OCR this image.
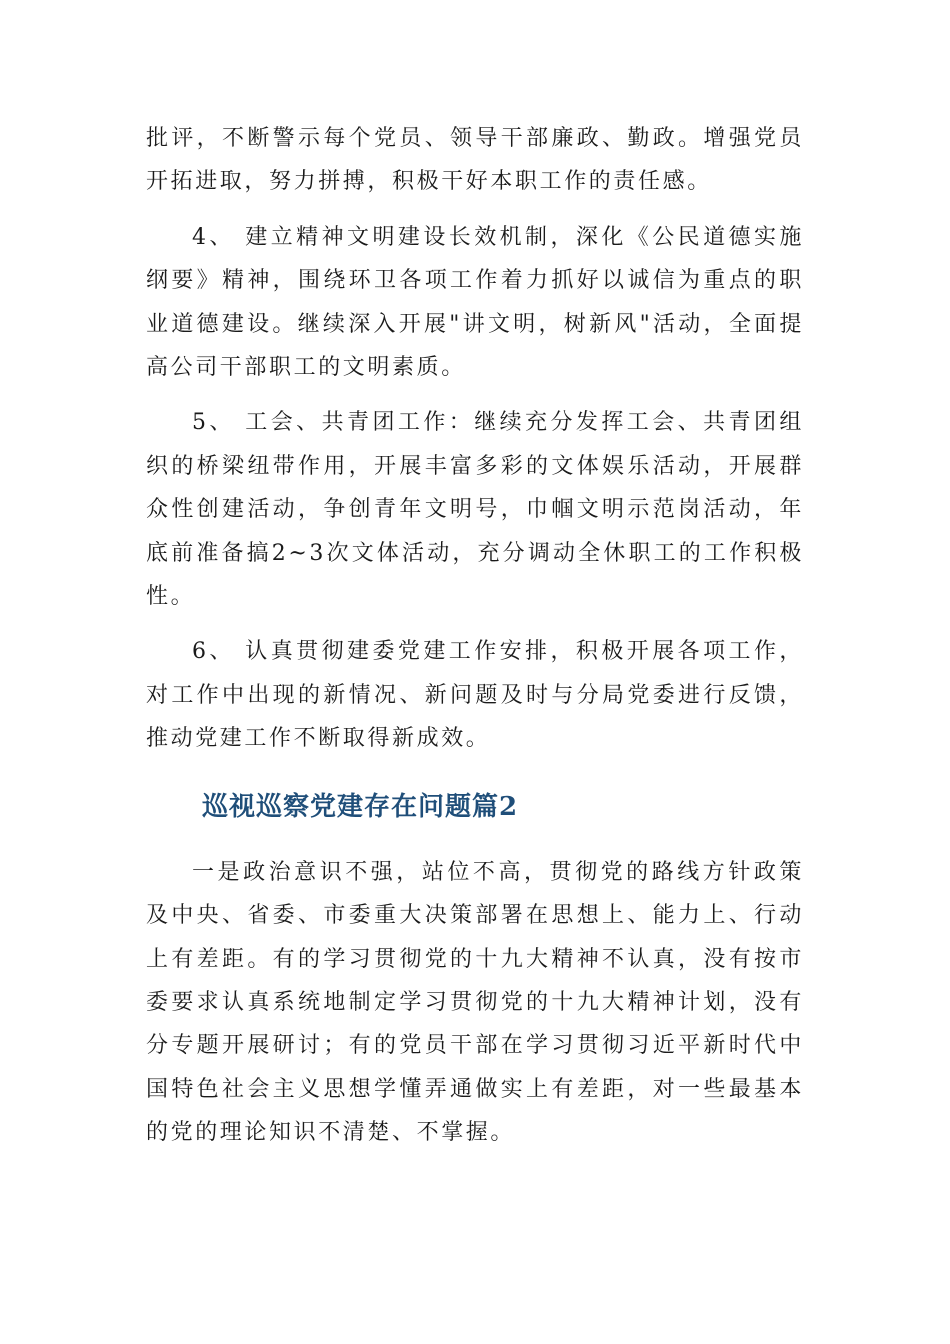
批评，不断警示每个党员、领导干部廉政、勤政。增强党员开拓进取，努力拼搏，积极干好本职工作的责任感。

4、 建立精神文明建设长效机制，深化《公民道德实施纲要》精神，围绕环卫各项工作着力抓好以诚信为重点的职业道德建设。继续深入开展"讲文明，树新风"活动，全面提高公司干部职工的文明素质。

5、 工会、共青团工作：继续充分发挥工会、共青团组织的桥梁纽带作用，开展丰富多彩的文体娱乐活动，开展群众性创建活动，争创青年文明号，巾帼文明示范岗活动，年底前准备搞2~3次文体活动，充分调动全休职工的工作积极性。

6、 认真贯彻建委党建工作安排，积极开展各项工作，对工作中出现的新情况、新问题及时与分局党委进行反馈，推动党建工作不断取得新成效。

巡视巡察党建存在问题篇2

一是政治意识不强，站位不高，贯彻党的路线方针政策及中央、省委、市委重大决策部署在思想上、能力上、行动上有差距。有的学习贯彻党的十九大精神不认真，没有按市委要求认真系统地制定学习贯彻党的十九大精神计划，没有分专题开展研讨；有的党员干部在学习贯彻习近平新时代中国特色社会主义思想学懂弄通做实上有差距，对一些最基本的党的理论知识不清楚、不掌握。
